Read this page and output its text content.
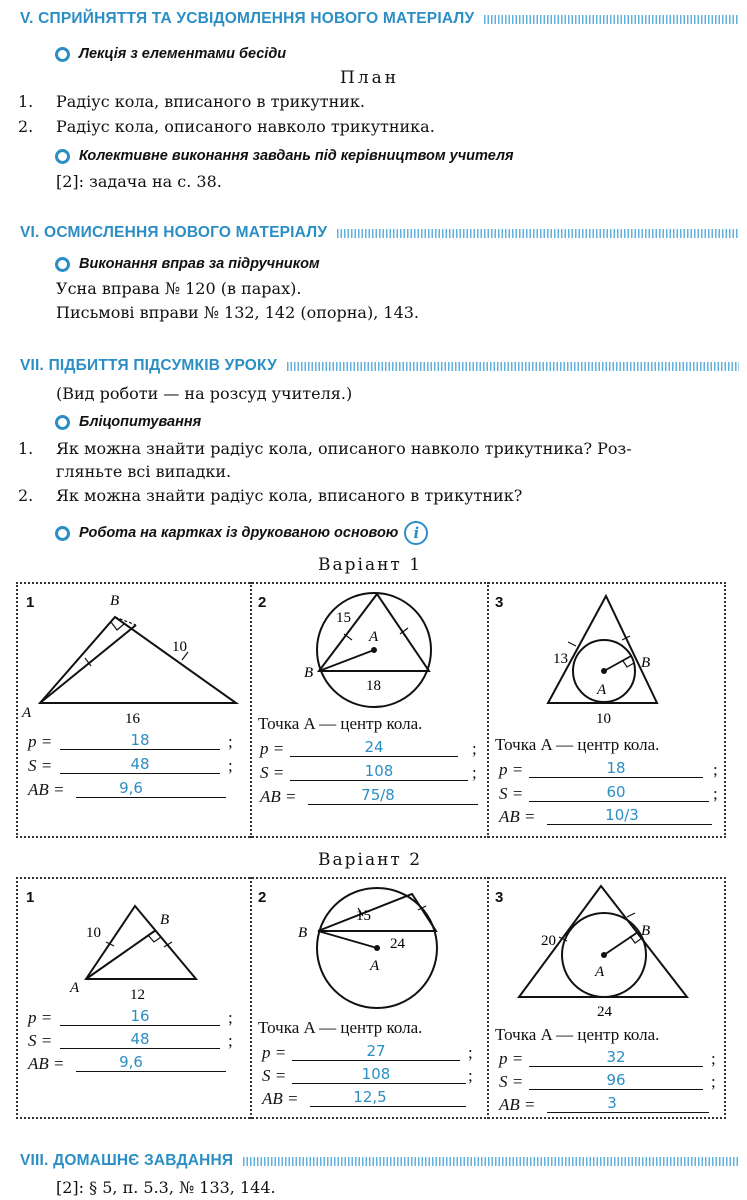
V. СПРИЙНЯТТЯ ТА УСВІДОМЛЕННЯ НОВОГО МАТЕРІАЛУ
Лекція з елементами бесіди
План
1. Радіус кола, вписаного в трикутник.
2. Радіус кола, описаного навколо трикутника.
Колективне виконання завдань під керівництвом учителя
[2]: задача на с. 38.
VI. ОСМИСЛЕННЯ НОВОГО МАТЕРІАЛУ
Виконання вправ за підручником
Усна вправа № 120 (в парах).
Письмові вправи № 132, 142 (опорна), 143.
VII. ПІДБИТТЯ ПІДСУМКІВ УРОКУ
(Вид роботи — на розсуд учителя.)
Бліцопитування
1. Як можна знайти радіус кола, описаного навколо трикутника? Роз-
гляньте всі випадки.
2. Як можна знайти радіус кола, вписаного в трикутник?
Робота на картках із друкованою основою	i
Варіант 1
1	B
10
A	16
p =	18	;
S =	48	;
AB =	9,6
2
15
A
B
18
Точка A — центр кола.
p =	24	;
S =	108	;
AB =	75/8
3
13	B
A
10
Точка A — центр кола.
p =	18	;
S =	60	;
AB =	10/3
Варіант 2
1
10
B
A	12
p =	16	;
S =	48	;
AB =	9,6
2
15
B
24
A
Точка A — центр кола.
p =	27	;
S =	108	;
AB =	12,5
3
20
B
A
24
Точка A — центр кола.
p =	32	;
S =	96	;
AB =	3
VIII. ДОМАШНЄ ЗАВДАННЯ
[2]: § 5, п. 5.3, № 133, 144.
